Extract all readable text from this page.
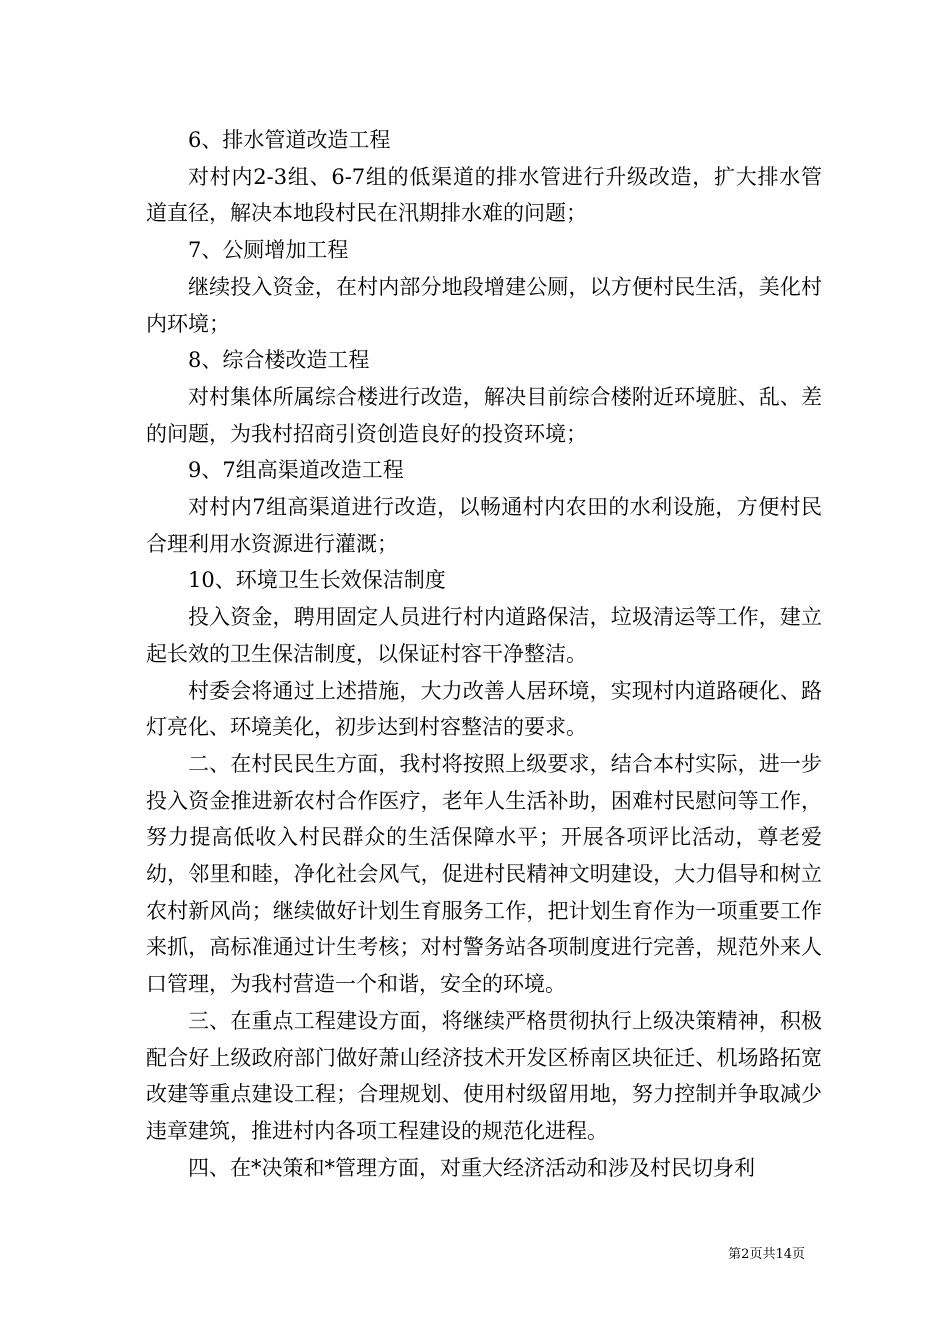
6、排水管道改造工程

对村内2-3组、6-7组的低渠道的排水管进行升级改造，扩大排水管道直径，解决本地段村民在汛期排水难的问题；

7、公厕增加工程

继续投入资金，在村内部分地段增建公厕，以方便村民生活，美化村内环境；

8、综合楼改造工程

对村集体所属综合楼进行改造，解决目前综合楼附近环境脏、乱、差的问题，为我村招商引资创造良好的投资环境；

9、7组高渠道改造工程

对村内7组高渠道进行改造，以畅通村内农田的水利设施，方便村民合理利用水资源进行灌溉；

10、环境卫生长效保洁制度

投入资金，聘用固定人员进行村内道路保洁，垃圾清运等工作，建立起长效的卫生保洁制度，以保证村容干净整洁。

村委会将通过上述措施，大力改善人居环境，实现村内道路硬化、路灯亮化、环境美化，初步达到村容整洁的要求。

二、在村民民生方面，我村将按照上级要求，结合本村实际，进一步投入资金推进新农村合作医疗，老年人生活补助，困难村民慰问等工作，努力提高低收入村民群众的生活保障水平；开展各项评比活动，尊老爱幼，邻里和睦，净化社会风气，促进村民精神文明建设，大力倡导和树立农村新风尚；继续做好计划生育服务工作，把计划生育作为一项重要工作来抓，高标准通过计生考核；对村警务站各项制度进行完善，规范外来人口管理，为我村营造一个和谐，安全的环境。

三、在重点工程建设方面，将继续严格贯彻执行上级决策精神，积极配合好上级政府部门做好萧山经济技术开发区桥南区块征迁、机场路拓宽改建等重点建设工程；合理规划、使用村级留用地，努力控制并争取减少违章建筑，推进村内各项工程建设的规范化进程。

四、在*决策和*管理方面，对重大经济活动和涉及村民切身利

第2页共14页
